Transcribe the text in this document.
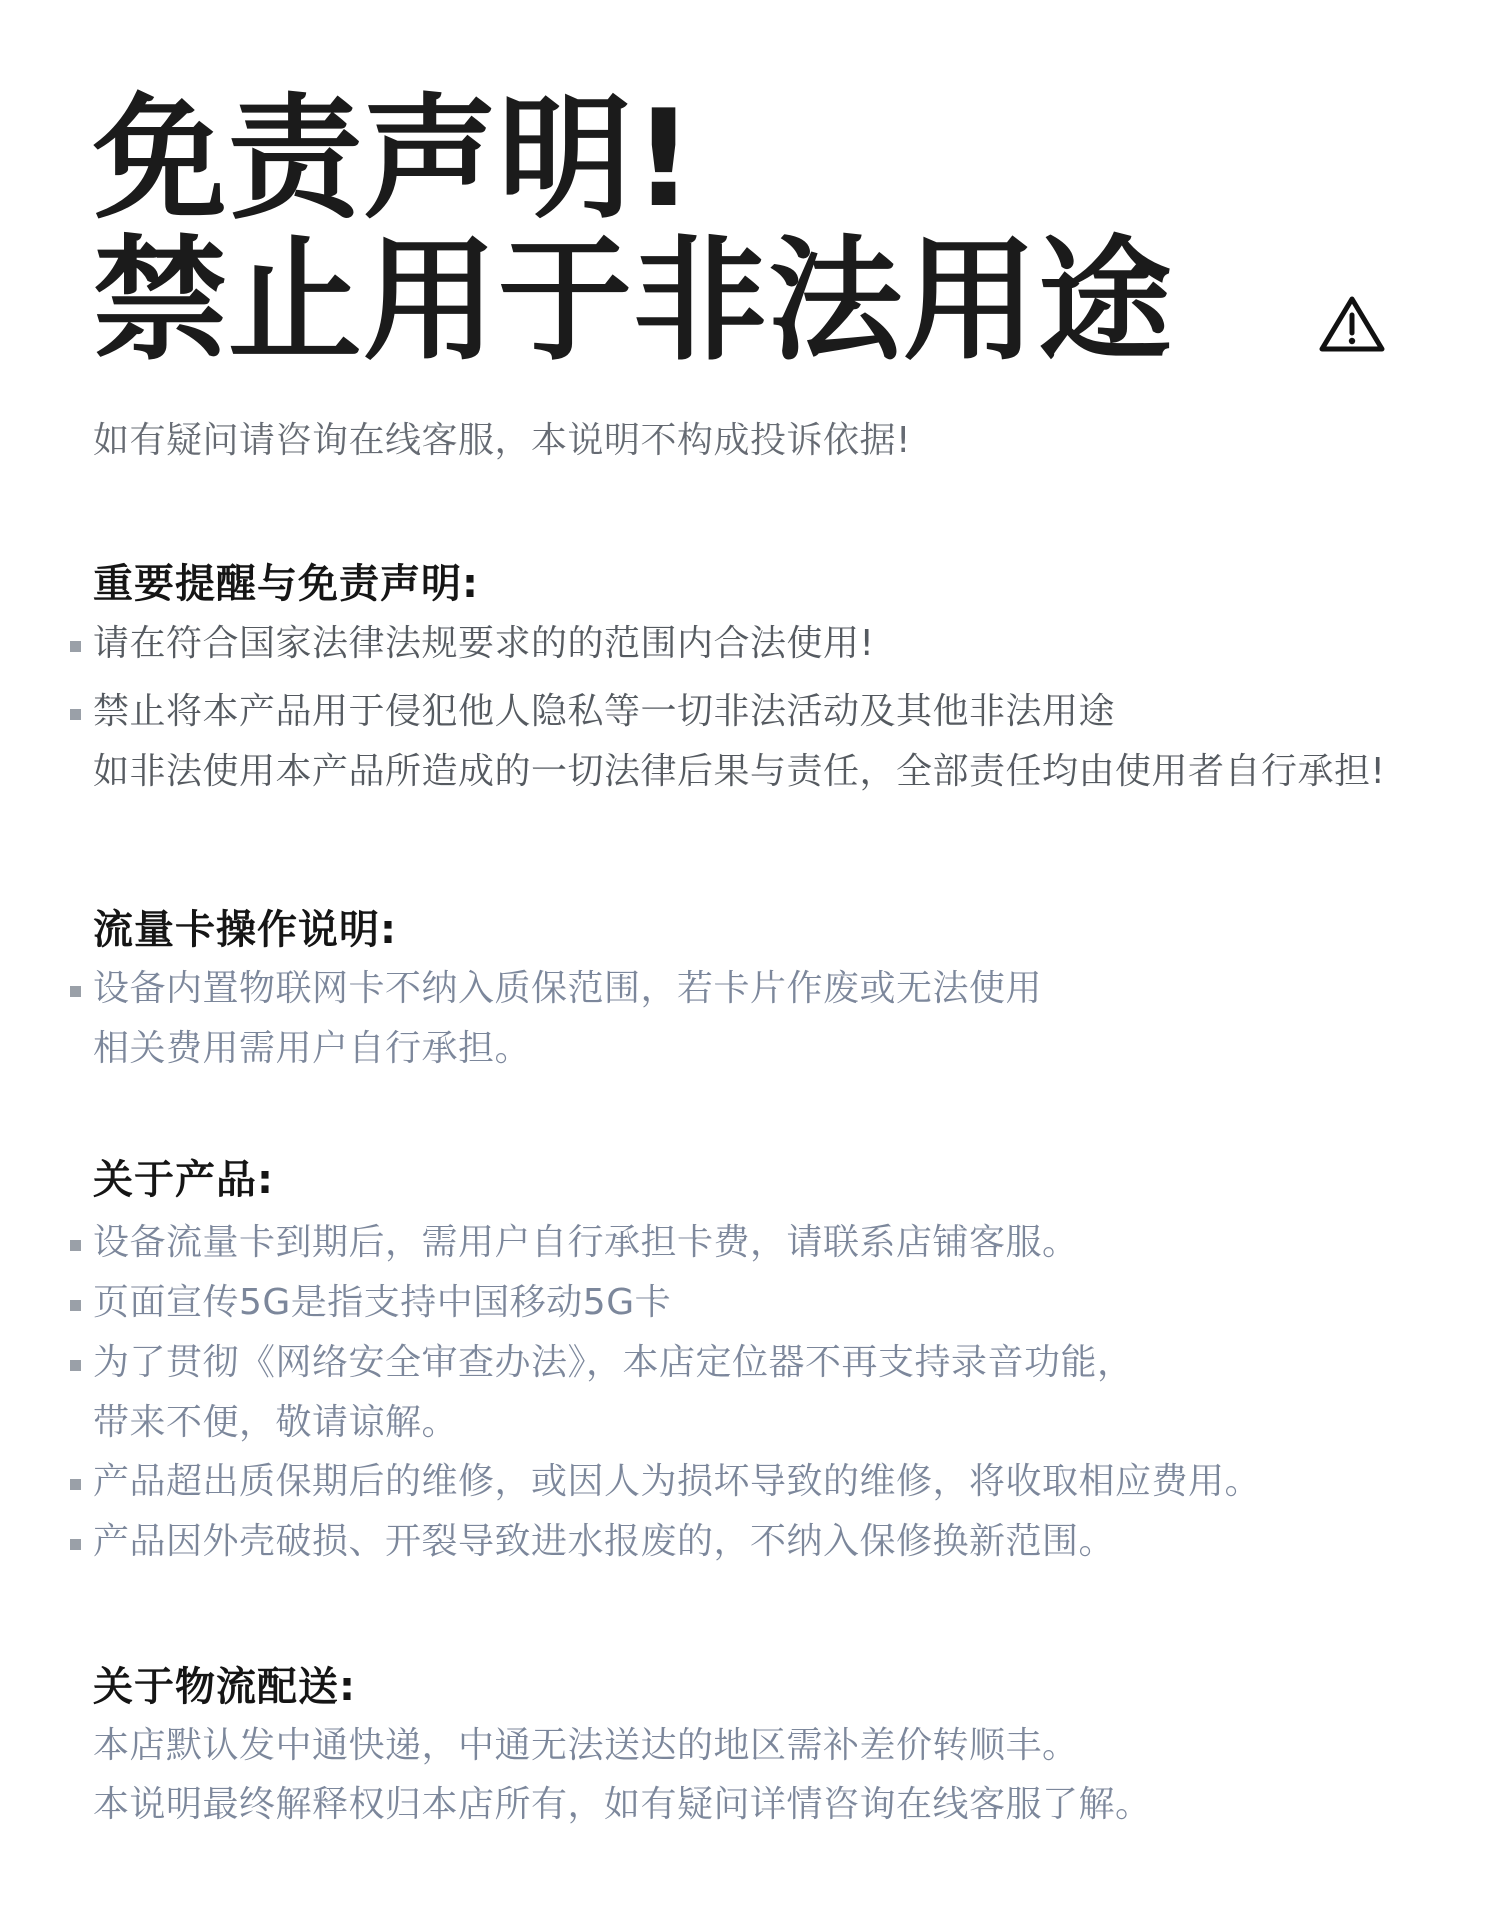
免责声明!
禁止用于非法用途
如有疑问请咨询在线客服，本说明不构成投诉依据!
重要提醒与免责声明:
请在符合国家法律法规要求的的范围内合法使用!
禁止将本产品用于侵犯他人隐私等一切非法活动及其他非法用途
如非法使用本产品所造成的一切法律后果与责任，全部责任均由使用者自行承担!
流量卡操作说明:
设备内置物联网卡不纳入质保范围，若卡片作废或无法使用
相关费用需用户自行承担。
关于产品:
设备流量卡到期后，需用户自行承担卡费，请联系店铺客服。
页面宣传5G是指支持中国移动5G卡
为了贯彻《网络安全审查办法》，本店定位器不再支持录音功能，
带来不便，敬请谅解。
产品超出质保期后的维修，或因人为损坏导致的维修，将收取相应费用。
产品因外壳破损、开裂导致进水报废的，不纳入保修换新范围。
关于物流配送:
本店默认发中通快递，中通无法送达的地区需补差价转顺丰。
本说明最终解释权归本店所有，如有疑问详情咨询在线客服了解。
